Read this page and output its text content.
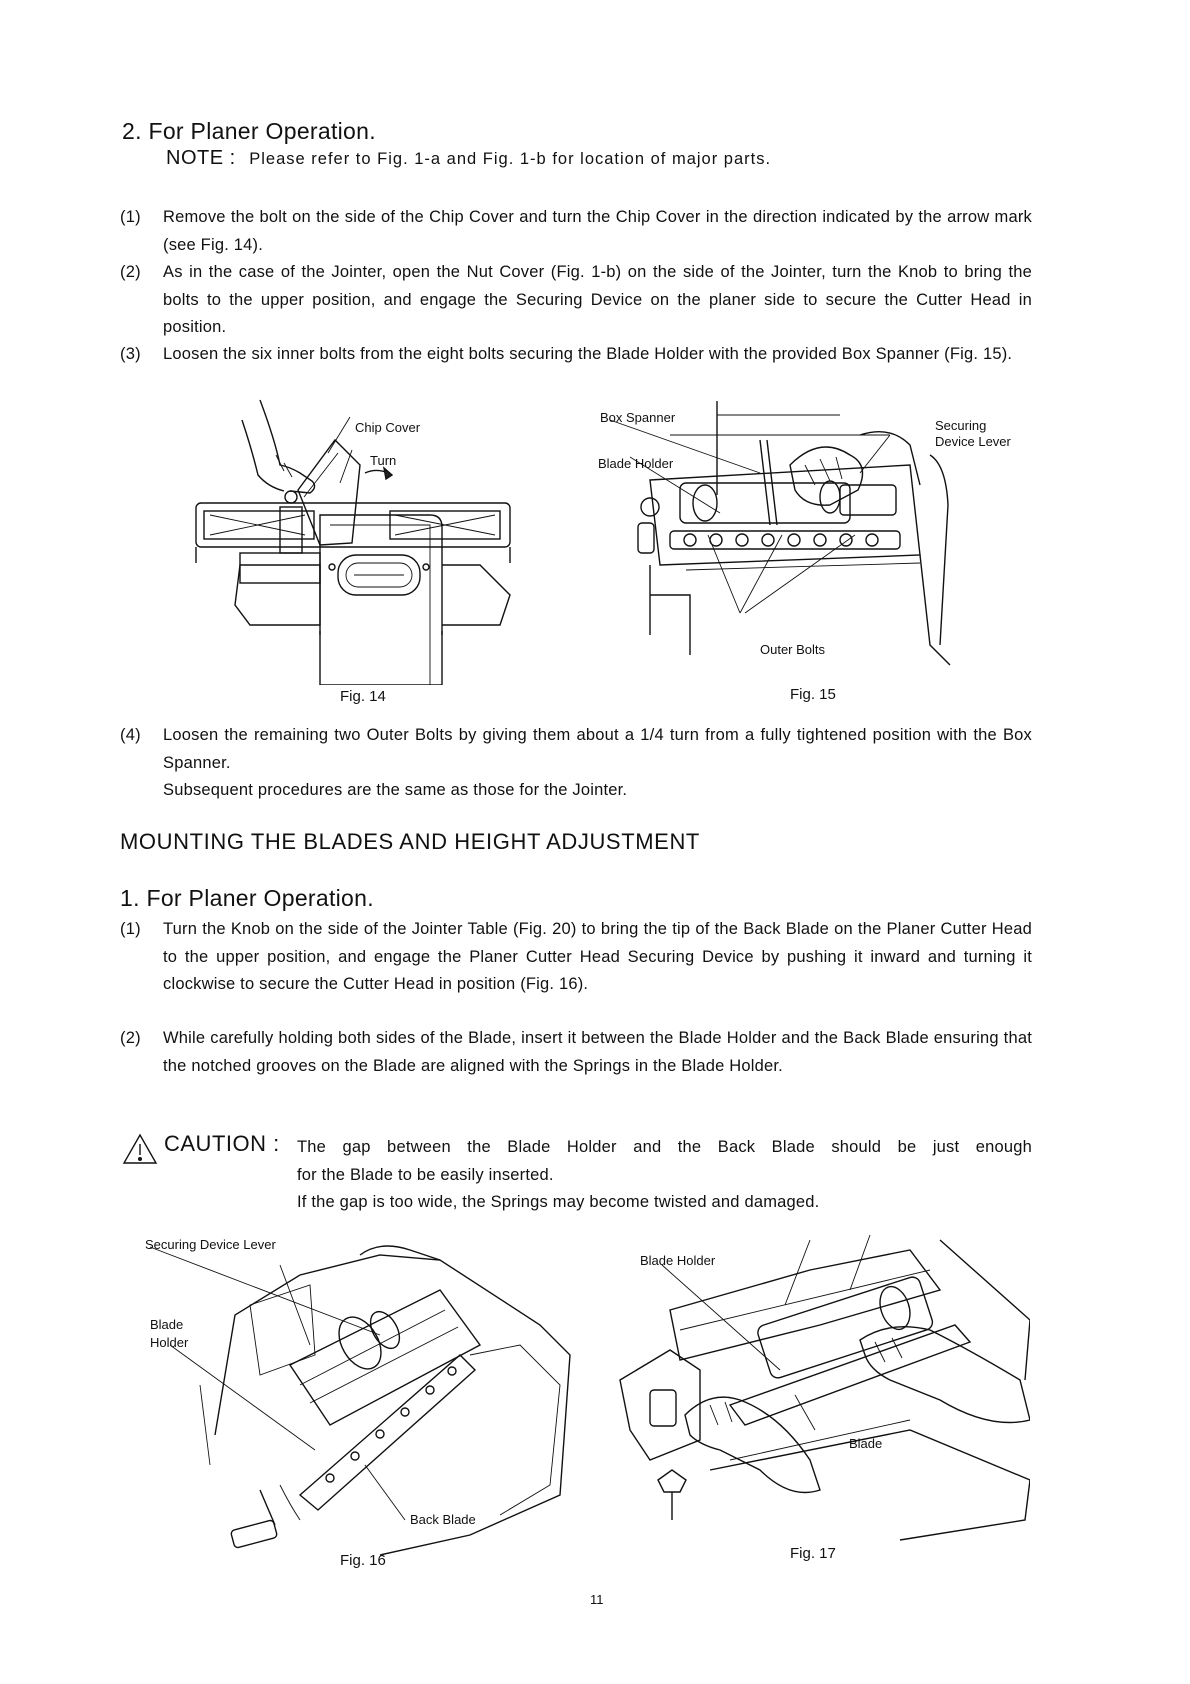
2. For Planer Operation.
NOTE : Please refer to Fig. 1-a and Fig. 1-b for location of major parts.
(1) Remove the bolt on the side of the Chip Cover and turn the Chip Cover in the direction indicated by the arrow mark (see Fig. 14).
(2) As in the case of the Jointer, open the Nut Cover (Fig. 1-b) on the side of the Jointer, turn the Knob to bring the bolts to the upper position, and engage the Securing Device on the planer side to secure the Cutter Head in position.
(3) Loosen the six inner bolts from the eight bolts securing the Blade Holder with the provided Box Spanner (Fig. 15).
Chip Cover
Turn
Fig. 14
Box Spanner
Blade Holder
Securing
Device Lever
Outer Bolts
Fig. 15
(4) Loosen the remaining two Outer Bolts by giving them about a 1/4 turn from a fully tightened position with the Box Spanner.
Subsequent procedures are the same as those for the Jointer.
MOUNTING THE BLADES AND HEIGHT ADJUSTMENT
1. For Planer Operation.
(1) Turn the Knob on the side of the Jointer Table (Fig. 20) to bring the tip of the Back Blade on the Planer Cutter Head to the upper position, and engage the Planer Cutter Head Securing Device by pushing it inward and turning it clockwise to secure the Cutter Head in position (Fig. 16).
(2) While carefully holding both sides of the Blade, insert it between the Blade Holder and the Back Blade ensuring that the notched grooves on the Blade are aligned with the Springs in the Blade Holder.
CAUTION : The gap between the Blade Holder and the Back Blade should be just enough
for the Blade to be easily inserted.
If the gap is too wide, the Springs may become twisted and damaged.
Securing Device Lever
Blade
Holder
Back Blade
Fig. 16
Blade Holder
Blade
Fig. 17
11
